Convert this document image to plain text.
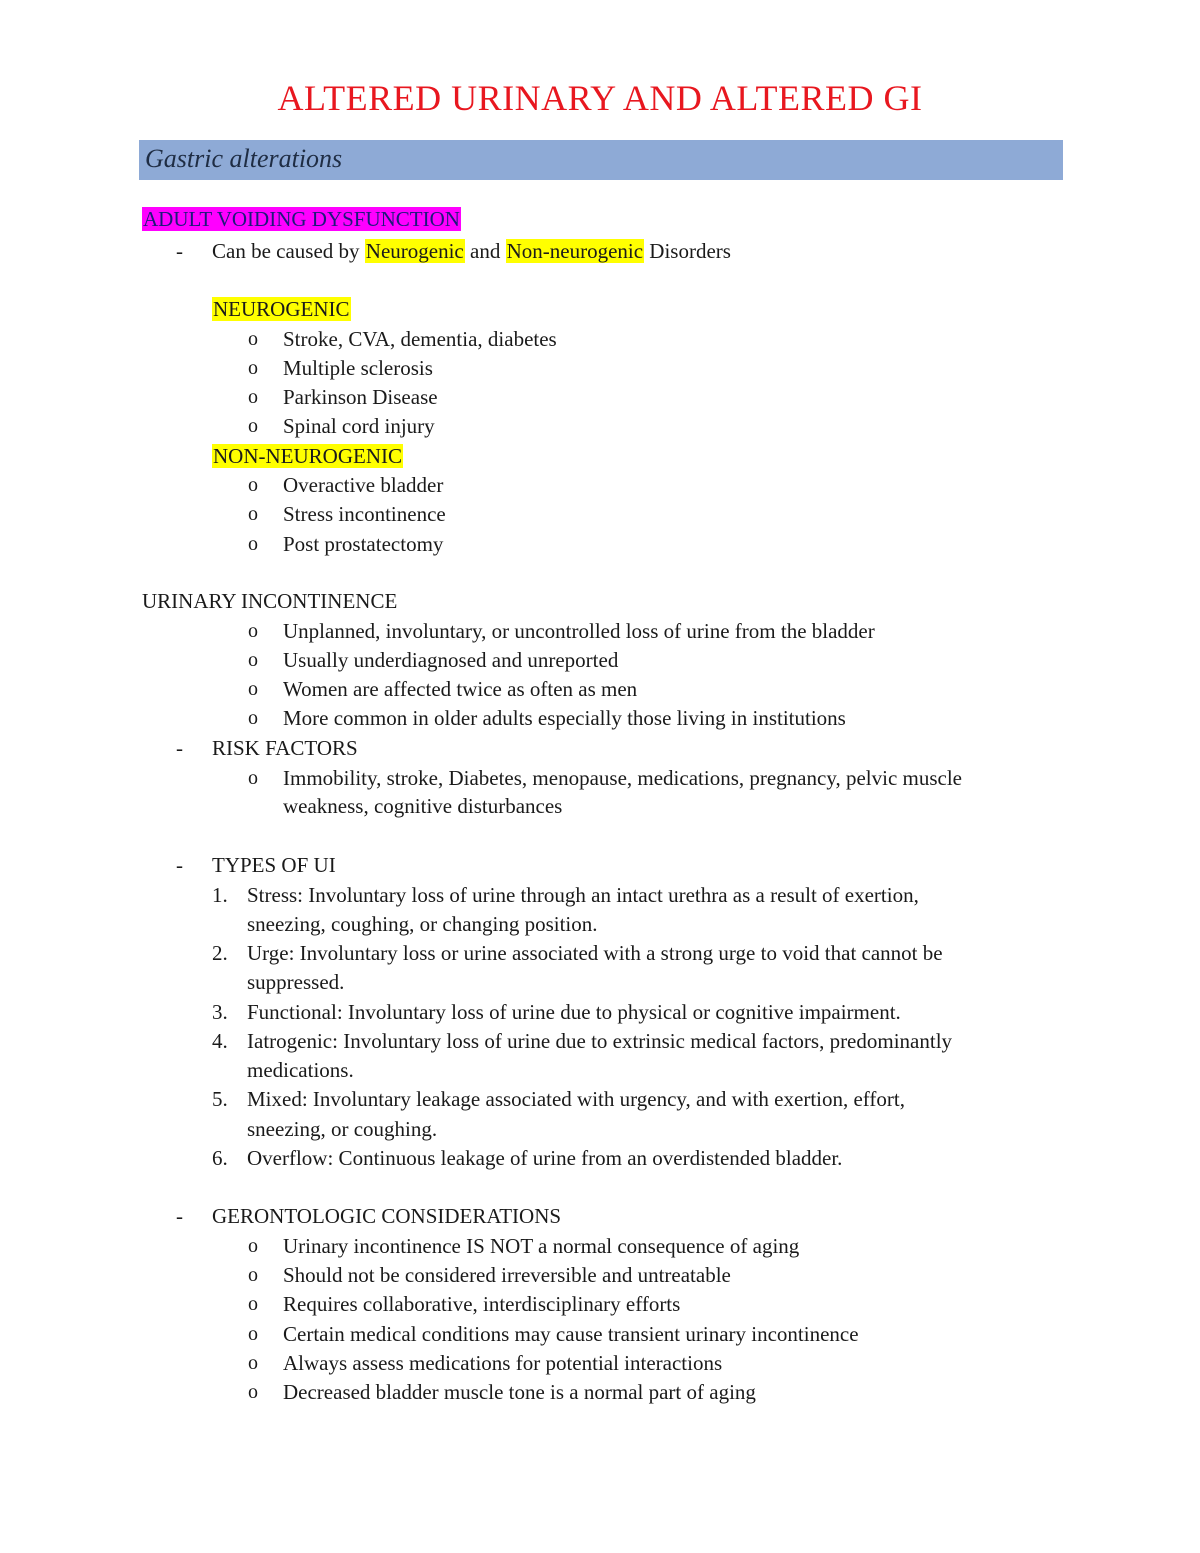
ALTERED URINARY AND ALTERED GI
Gastric alterations
ADULT VOIDING DYSFUNCTION
- Can be caused by Neurogenic and Non-neurogenic Disorders
NEUROGENIC
o Stroke, CVA, dementia, diabetes
o Multiple sclerosis
o Parkinson Disease
o Spinal cord injury
NON-NEUROGENIC
o Overactive bladder
o Stress incontinence
o Post prostatectomy
URINARY INCONTINENCE
o Unplanned, involuntary, or uncontrolled loss of urine from the bladder
o Usually underdiagnosed and unreported
o Women are affected twice as often as men
o More common in older adults especially those living in institutions
- RISK FACTORS
o Immobility, stroke, Diabetes, menopause, medications, pregnancy, pelvic muscle
weakness, cognitive disturbances
- TYPES OF UI
1. Stress: Involuntary loss of urine through an intact urethra as a result of exertion,
sneezing, coughing, or changing position.
2. Urge: Involuntary loss or urine associated with a strong urge to void that cannot be
suppressed.
3. Functional: Involuntary loss of urine due to physical or cognitive impairment.
4. Iatrogenic: Involuntary loss of urine due to extrinsic medical factors, predominantly
medications.
5. Mixed: Involuntary leakage associated with urgency, and with exertion, effort,
sneezing, or coughing.
6. Overflow: Continuous leakage of urine from an overdistended bladder.
- GERONTOLOGIC CONSIDERATIONS
o Urinary incontinence IS NOT a normal consequence of aging
o Should not be considered irreversible and untreatable
o Requires collaborative, interdisciplinary efforts
o Certain medical conditions may cause transient urinary incontinence
o Always assess medications for potential interactions
o Decreased bladder muscle tone is a normal part of aging
